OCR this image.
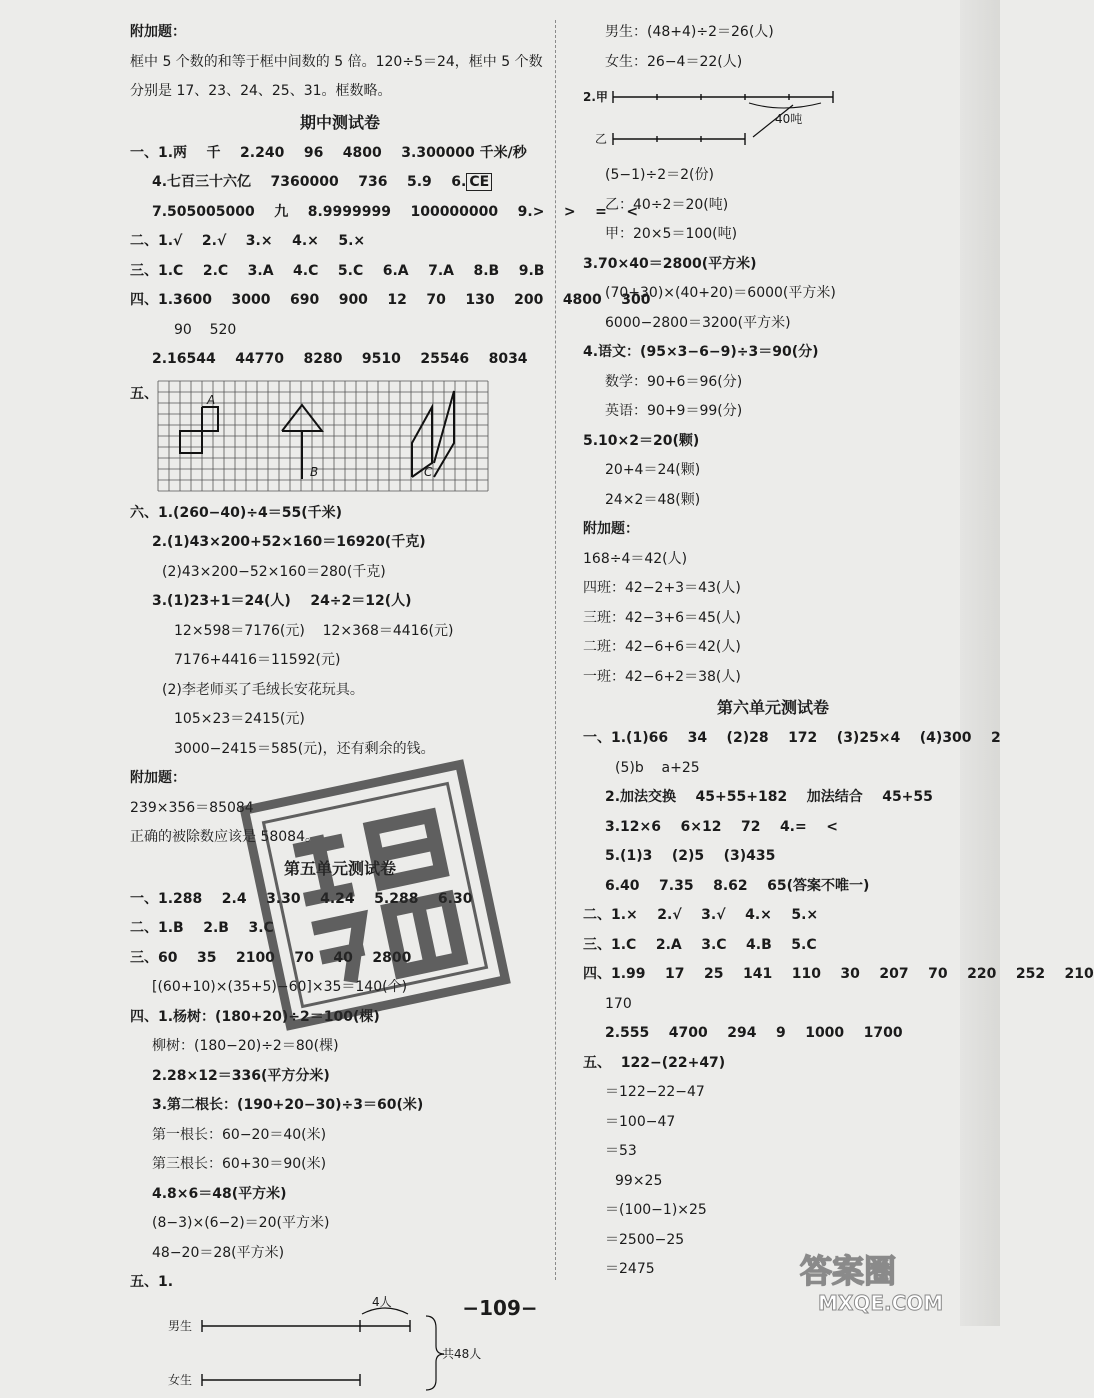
附加题：
框中 5 个数的和等于框中间数的 5 倍。120÷5＝24，框中 5 个数
分别是 17、23、24、25、31。框数略。
期中测试卷
一、1.两    千    2.240    96    4800    3.300000 千米/秒
4.七百三十六亿    7360000    736    5.9    6. CE
7.505005000    九    8.9999999    100000000    9.>    >    =    <
二、1.√    2.√    3.×    4.×    5.×
三、1.C    2.C    3.A    4.C    5.C    6.A    7.A    8.B    9.B
四、1.3600    3000    690    900    12    70    130    200    4800    300
90    520
2.16544    44770    8280    9510    25546    8034
五、	A
B	C
六、1.(260−40)÷4＝55(千米)
2.(1)43×200+52×160＝16920(千克)
(2)43×200−52×160＝280(千克)
3.(1)23+1＝24(人)    24÷2＝12(人)
12×598＝7176(元)    12×368＝4416(元)
7176+4416＝11592(元)
(2)李老师买了毛绒长安花玩具。
105×23＝2415(元)
3000−2415＝585(元)，还有剩余的钱。
附加题：
239×356＝85084
正确的被除数应该是 58084。
第五单元测试卷
一、1.288    2.4    3.30    4.24    5.288    6.30
二、1.B    2.B    3.C
三、60    35    2100    70    40    2800
[(60+10)×(35+5)−60]×35＝140(个)
四、1.杨树：(180+20)÷2＝100(棵)
柳树：(180−20)÷2＝80(棵)
2.28×12＝336(平方分米)
3.第二根长：(190+20−30)÷3＝60(米)
第一根长：60−20＝40(米)
第三根长：60+30＝90(米)
4.8×6＝48(平方米)
(8−3)×(6−2)＝20(平方米)
48−20＝28(平方米)
五、1.
男生
4人
女生
共48人
男生：(48+4)÷2＝26(人)
女生：26−4＝22(人)
2.甲
40吨
乙
(5−1)÷2＝2(份)
乙：40÷2＝20(吨)
甲：20×5＝100(吨)
3.70×40＝2800(平方米)
(70+30)×(40+20)＝6000(平方米)
6000−2800＝3200(平方米)
4.语文：(95×3−6−9)÷3＝90(分)
数学：90+6＝96(分)
英语：90+9＝99(分)
5.10×2＝20(颗)
20+4＝24(颗)
24×2＝48(颗)
附加题：
168÷4＝42(人)
四班：42−2+3＝43(人)
三班：42−3+6＝45(人)
二班：42−6+6＝42(人)
一班：42−6+2＝38(人)
第六单元测试卷
一、1.(1)66    34    (2)28    172    (3)25×4    (4)300    2
(5)b    a+25
2.加法交换    45+55+182    加法结合    45+55
3.12×6    6×12    72    4.=    <
5.(1)3    (2)5    (3)435
6.40    7.35    8.62    65(答案不唯一)
二、1.×    2.√    3.√    4.×    5.×
三、1.C    2.A    3.C    4.B    5.C
四、1.99    17    25    141    110    30    207    70    220    252    210
170
2.555    4700    294    9    1000    1700
五、  122−(22+47)
＝122−22−47
＝100−47
＝53
99×25
＝(100−1)×25
＝2500−25
＝2475	答案圈
MXQE.COM
−109−
